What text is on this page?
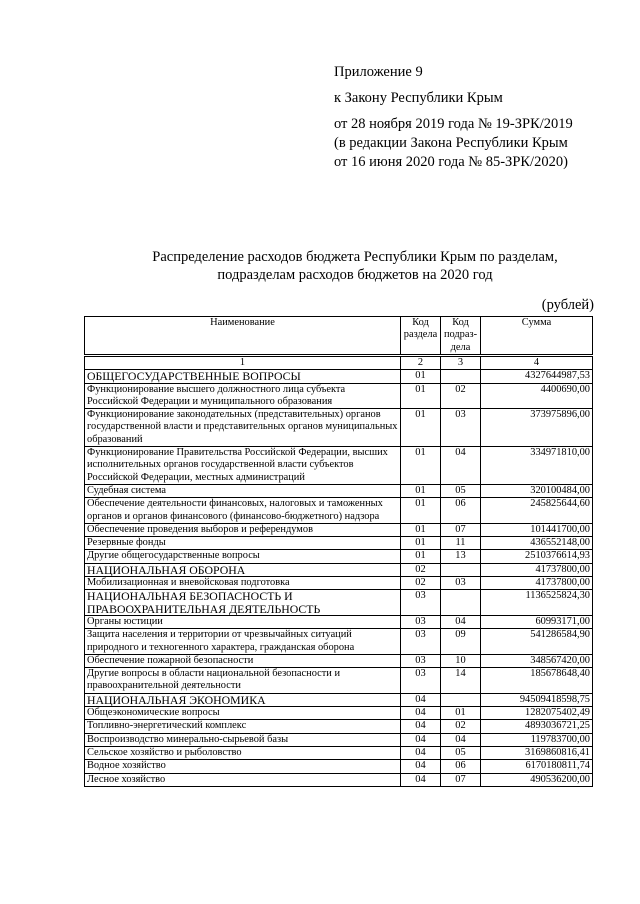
Приложение 9
к Закону Республики Крым
от 28 ноября 2019 года № 19-ЗРК/2019
(в редакции Закона Республики Крым
от 16 июня 2020 года № 85-ЗРК/2020)
Распределение расходов бюджета Республики Крым по разделам,
подразделам расходов бюджетов на 2020 год
(рублей)
Наименование	Код раздела	Код подраз-дела	Сумма
1	2	3	4
ОБЩЕГОСУДАРСТВЕННЫЕ ВОПРОСЫ	01		4327644987,53
Функционирование высшего должностного лица субъекта Российской Федерации и муниципального образования	01	02	4400690,00
Функционирование законодательных (представительных) органов государственной власти и представительных органов муниципальных образований	01	03	373975896,00
Функционирование Правительства Российской Федерации, высших исполнительных органов государственной власти субъектов Российской Федерации, местных администраций	01	04	334971810,00
Судебная система	01	05	320100484,00
Обеспечение деятельности финансовых, налоговых и таможенных органов и органов финансового (финансово-бюджетного) надзора	01	06	245825644,60
Обеспечение проведения выборов и референдумов	01	07	101441700,00
Резервные фонды	01	11	436552148,00
Другие общегосударственные вопросы	01	13	2510376614,93
НАЦИОНАЛЬНАЯ ОБОРОНА	02		41737800,00
Мобилизационная и вневойсковая подготовка	02	03	41737800,00
НАЦИОНАЛЬНАЯ БЕЗОПАСНОСТЬ И ПРАВООХРАНИТЕЛЬНАЯ ДЕЯТЕЛЬНОСТЬ	03		1136525824,30
Органы юстиции	03	04	60993171,00
Защита населения и территории от чрезвычайных ситуаций природного и техногенного характера, гражданская оборона	03	09	541286584,90
Обеспечение пожарной безопасности	03	10	348567420,00
Другие вопросы в области национальной безопасности и правоохранительной деятельности	03	14	185678648,40
НАЦИОНАЛЬНАЯ ЭКОНОМИКА	04		94509418598,75
Общеэкономические вопросы	04	01	1282075402,49
Топливно-энергетический комплекс	04	02	4893036721,25
Воспроизводство минерально-сырьевой базы	04	04	119783700,00
Сельское хозяйство и рыболовство	04	05	3169860816,41
Водное хозяйство	04	06	6170180811,74
Лесное хозяйство	04	07	490536200,00
